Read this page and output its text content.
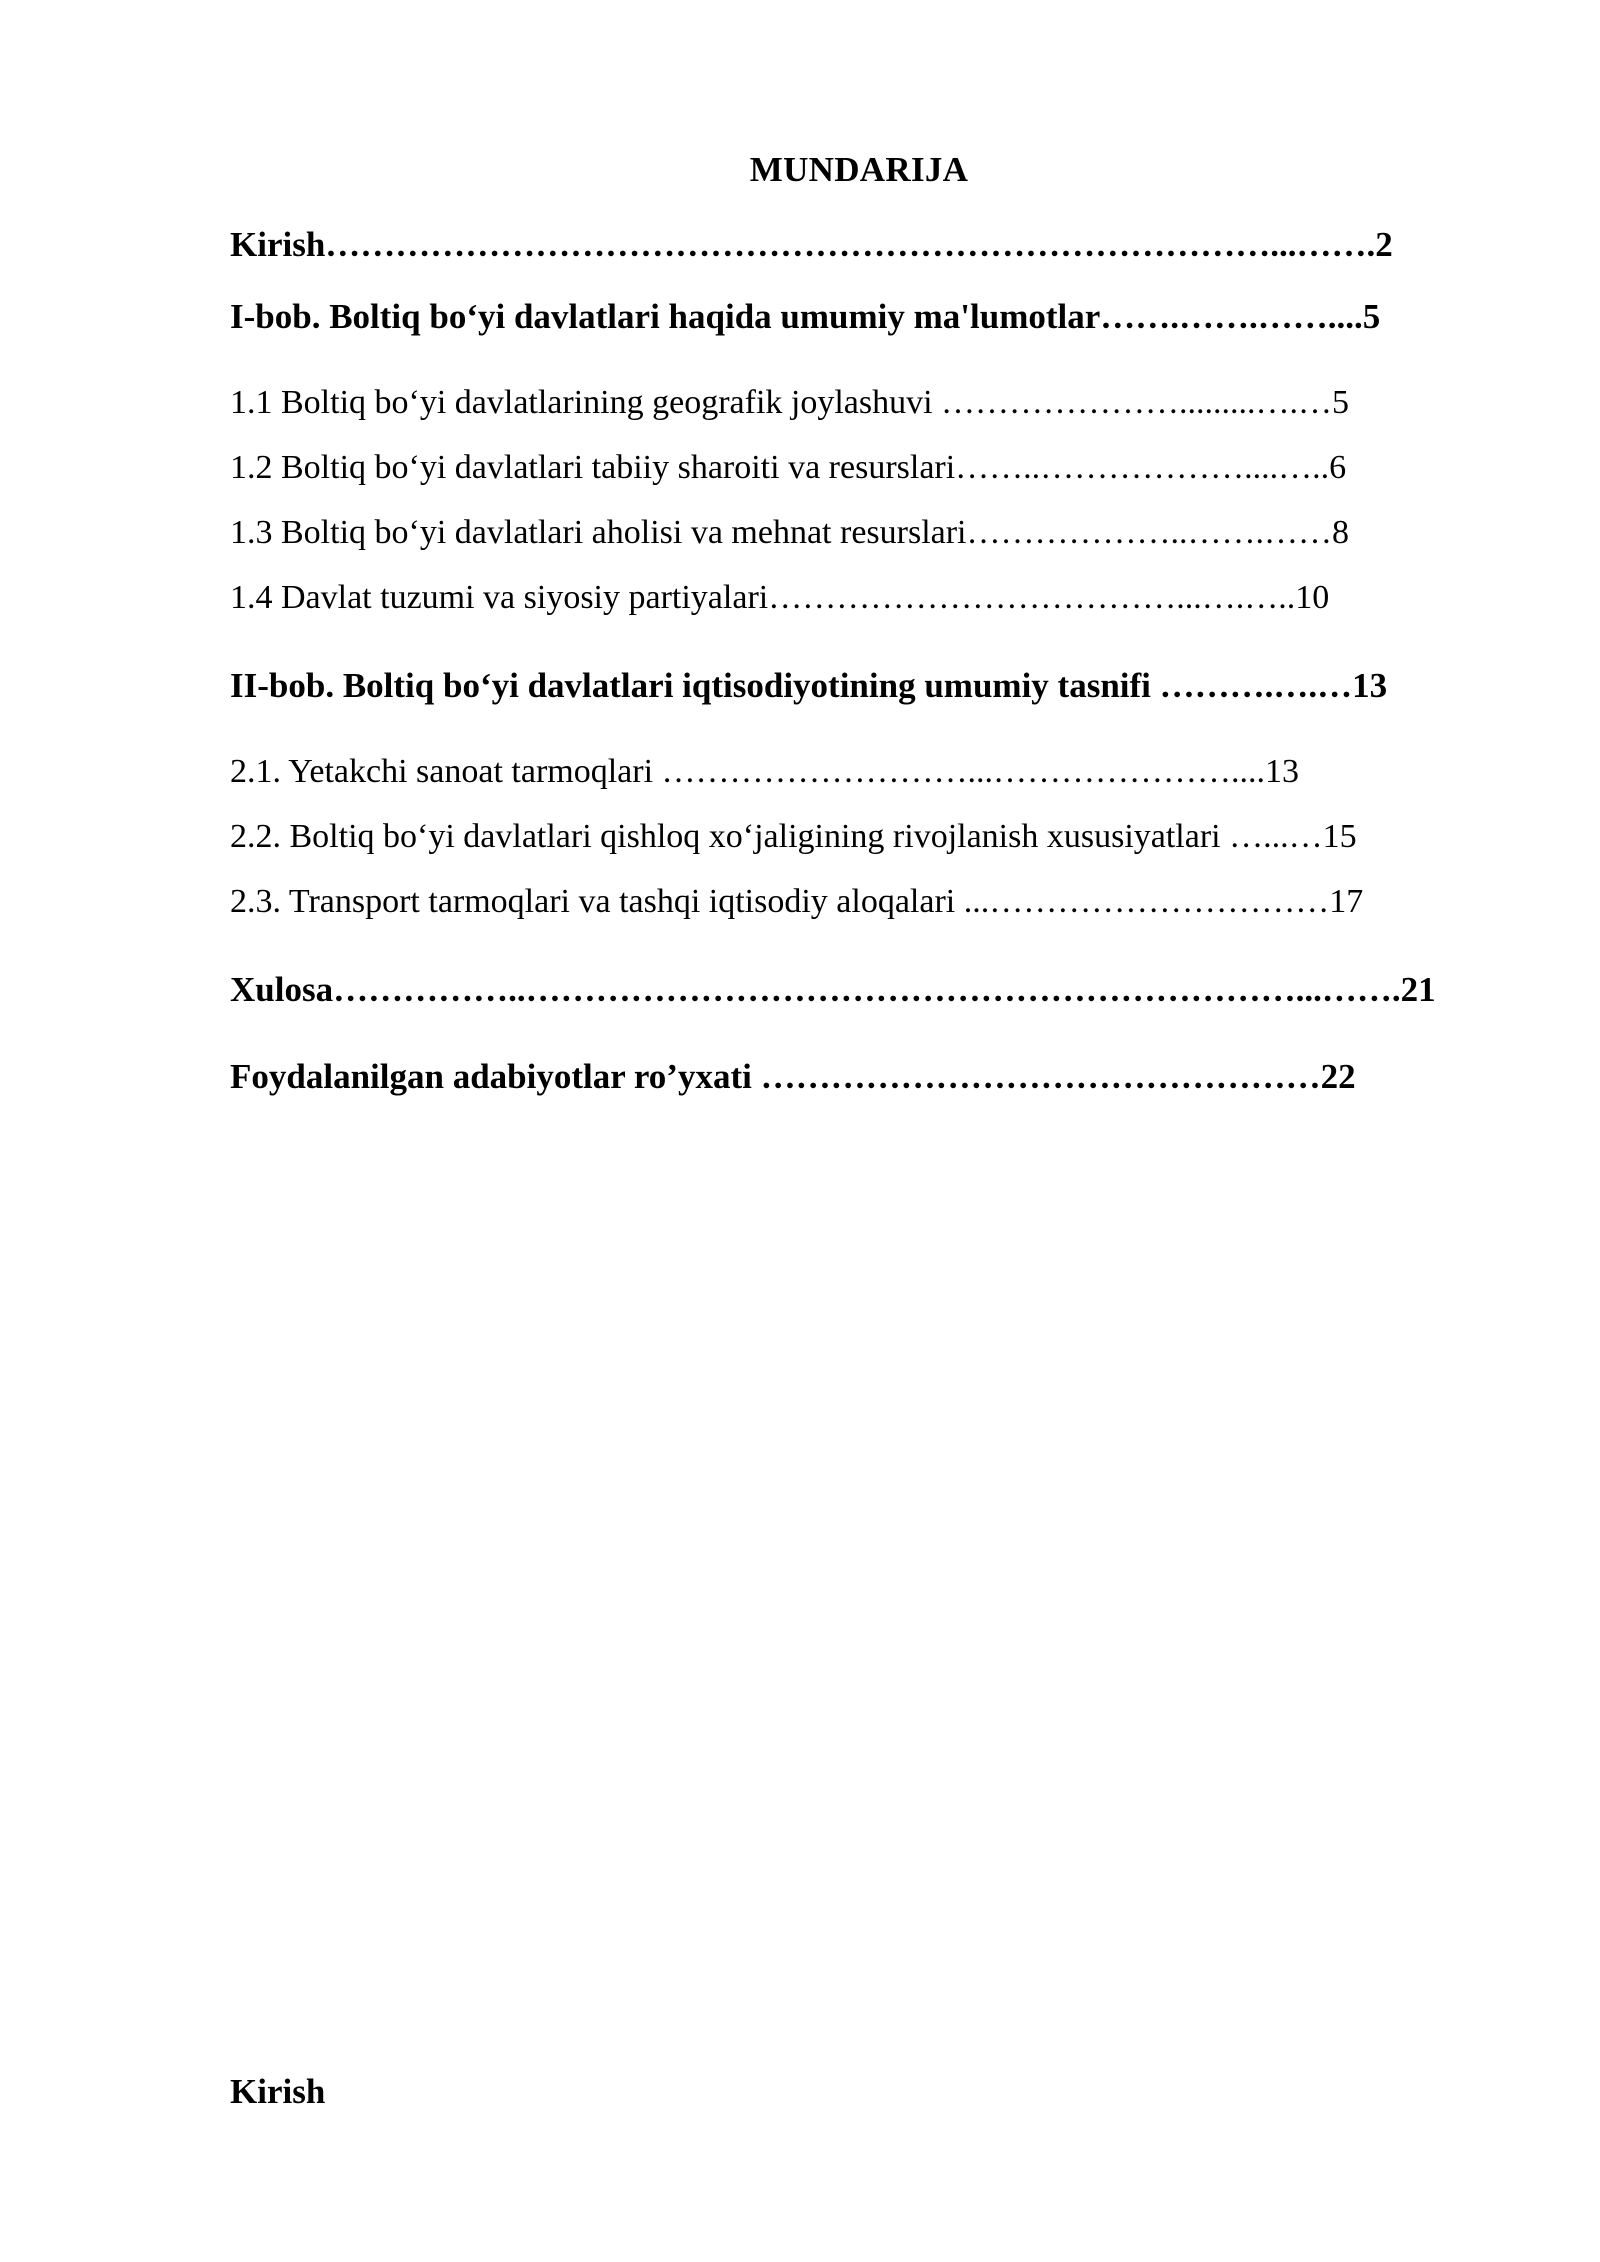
MUNDARIJA
Kirish………………………………………………………………………...…….2
I-bob. Boltiq bo‘yi davlatlari haqida umumiy ma'lumotlar…….…….……....5
1.1 Boltiq bo‘yi davlatlarining geografik joylashuvi ………………….........….…5
1.2 Boltiq bo‘yi davlatlari tabiiy sharoiti va resurslari……..………………....…..6
1.3 Boltiq bo‘yi davlatlari aholisi va mehnat resurslari………………..…….……8
1.4 Davlat tuzumi va siyosiy partiyalari………………………………...….…..10
II-bob. Boltiq bo‘yi davlatlari iqtisodiyotining umumiy tasnifi ……….….…13
2.1. Yetakchi sanoat tarmoqlari ………………………...…………………....13
2.2. Boltiq bo‘yi davlatlari qishloq xo‘jaligining rivojlanish xususiyatlari …...…15
2.3. Transport tarmoqlari va tashqi iqtisodiy aloqalari ...…………………………17
Xulosa……………..…………………………………………………………...…….21
Foydalanilgan adabiyotlar ro’yxati …………………………………………22
Kirish
